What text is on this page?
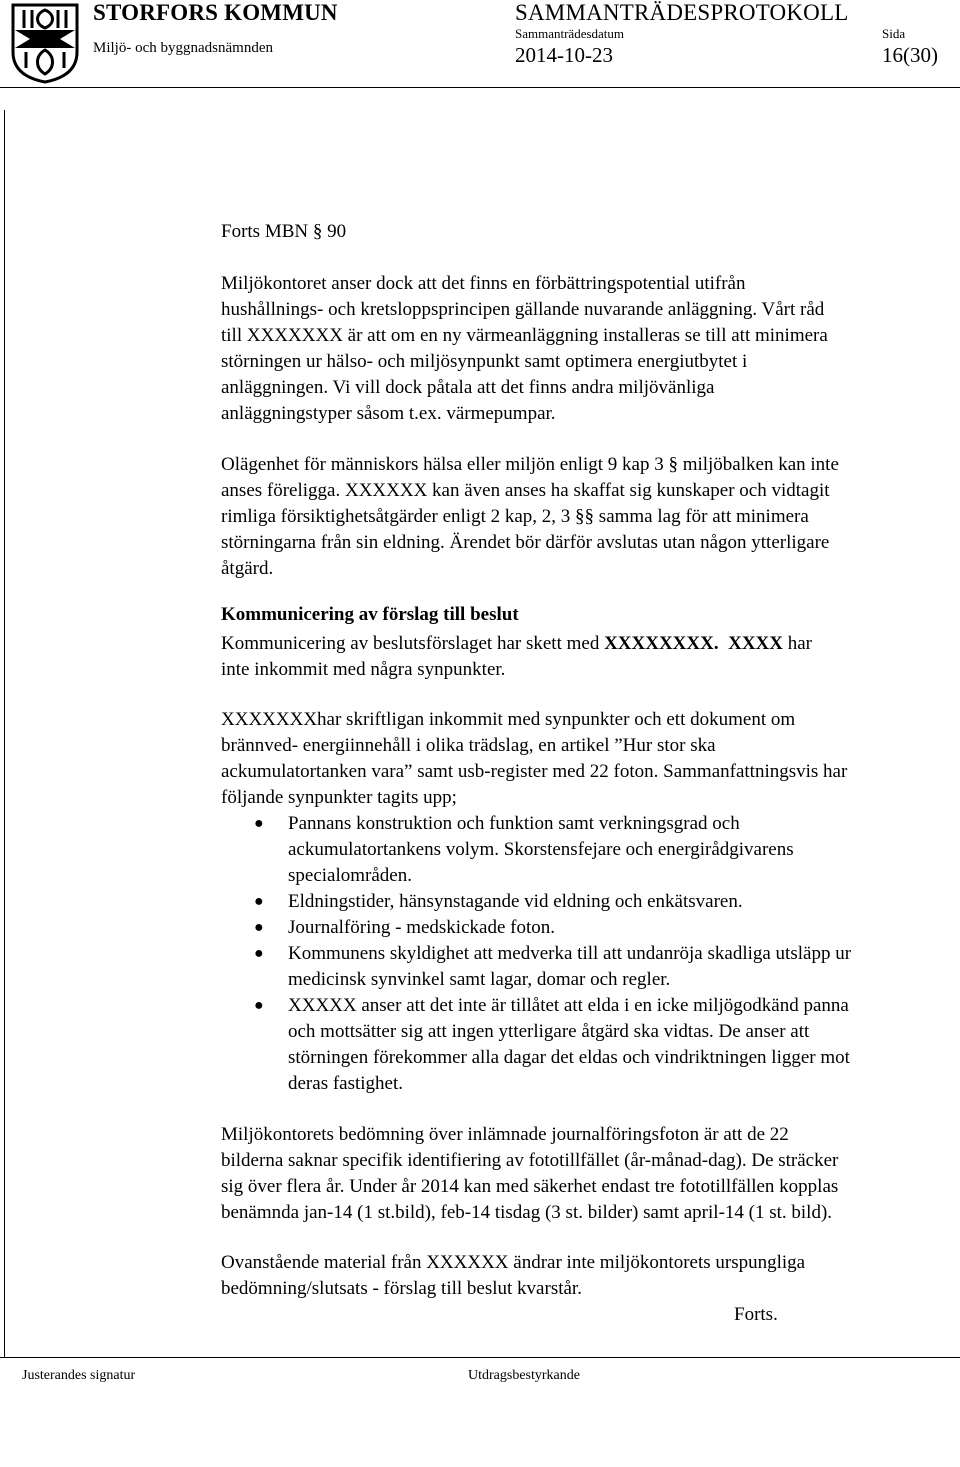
STORFORS KOMMUN
Miljö- och byggnadsnämnden
SAMMANTRÄDESPROTOKOLL
Sammanträdesdatum	Sida
2014-10-23	16(30)
Forts MBN § 90
Miljökontoret anser dock att det finns en förbättringspotential utifrån
hushållnings- och kretsloppsprincipen gällande nuvarande anläggning. Vårt råd
till XXXXXXX är att om en ny värmeanläggning installeras se till att minimera
störningen ur hälso- och miljösynpunkt samt optimera energiutbytet i
anläggningen. Vi vill dock påtala att det finns andra miljövänliga
anläggningstyper såsom t.ex. värmepumpar.
Olägenhet för människors hälsa eller miljön enligt 9 kap 3 § miljöbalken kan inte
anses föreligga. XXXXXX kan även anses ha skaffat sig kunskaper och vidtagit
rimliga försiktighetsåtgärder enligt 2 kap, 2, 3 §§ samma lag för att minimera
störningarna från sin eldning. Ärendet bör därför avslutas utan någon ytterligare
åtgärd.
Kommunicering av förslag till beslut
Kommunicering av beslutsförslaget har skett med XXXXXXXX. XXXX har
inte inkommit med några synpunkter.
XXXXXXXhar skriftligan inkommit med synpunkter och ett dokument om
brännved- energiinnehåll i olika trädslag, en artikel ”Hur stor ska
ackumulatortanken vara” samt usb-register med 22 foton. Sammanfattningsvis har
följande synpunkter tagits upp;
● Pannans konstruktion och funktion samt verkningsgrad och
ackumulatortankens volym. Skorstensfejare och energirådgivarens
specialområden.
● Eldningstider, hänsynstagande vid eldning och enkätsvaren.
● Journalföring - medskickade foton.
● Kommunens skyldighet att medverka till att undanröja skadliga utsläpp ur
medicinsk synvinkel samt lagar, domar och regler.
● XXXXX anser att det inte är tillåtet att elda i en icke miljögodkänd panna
och mottsätter sig att ingen ytterligare åtgärd ska vidtas. De anser att
störningen förekommer alla dagar det eldas och vindriktningen ligger mot
deras fastighet.
Miljökontorets bedömning över inlämnade journalföringsfoton är att de 22
bilderna saknar specifik identifiering av fototillfället (år-månad-dag). De sträcker
sig över flera år. Under år 2014 kan med säkerhet endast tre fototillfällen kopplas
benämnda jan-14 (1 st.bild), feb-14 tisdag (3 st. bilder) samt april-14 (1 st. bild).
Ovanstående material från XXXXXX ändrar inte miljökontorets urspungliga
bedömning/slutsats - förslag till beslut kvarstår.
Forts.
Justerandes signatur	Utdragsbestyrkande
